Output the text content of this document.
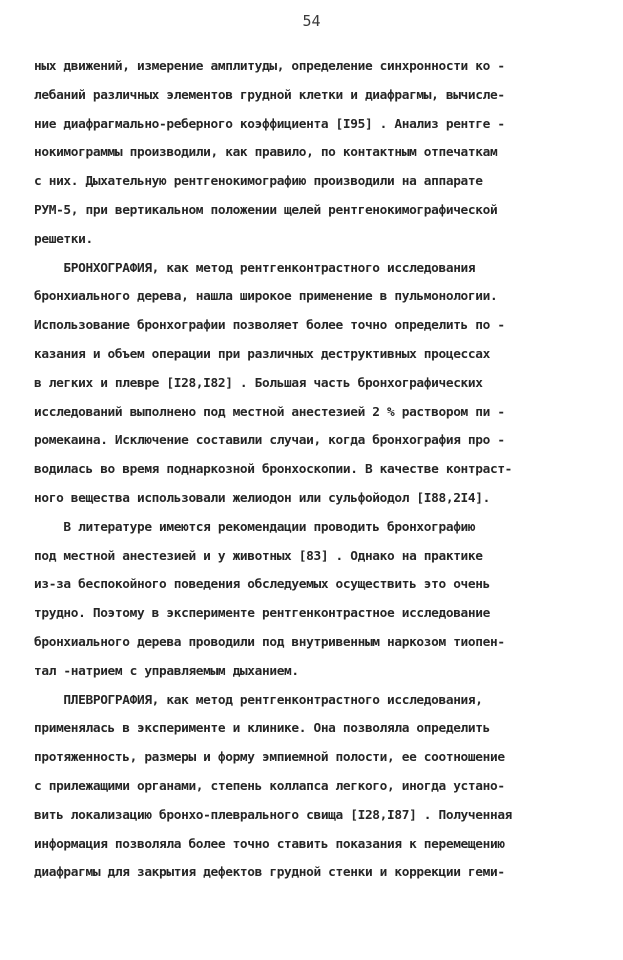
54
ных движений, измерение амплитуды, определение синхронности ко -
лебаний различных элементов грудной клетки и диафрагмы, вычисле-
ние диафрагмально-реберного коэффициента [I95] . Анализ рентге -
нокимограммы производили, как правило, по контактным отпечаткам
с них. Дыхательную рентгенокимографию производили на аппарате
РУМ-5, при вертикальном положении щелей рентгенокимографической
решетки.
БРОНХОГРАФИЯ, как метод рентгенконтрастного исследования
бронхиального дерева, нашла широкое применение в пульмонологии.
Использование бронхографии позволяет более точно определить по -
казания и объем операции при различных деструктивных процессах
в легких и плевре [I28,I82] . Большая часть бронхографических
исследований выполнено под местной анестезией 2 % раствором пи -
ромекаина. Исключение составили случаи, когда бронхография про -
водилась во время поднаркозной бронхоскопии. В качестве контраст-
ного вещества использовали желиодон или сульфойодол [I88,2I4].
В литературе имеются рекомендации проводить бронхографию
под местной анестезией и у животных [83] . Однако на практике
из-за беспокойного поведения обследуемых осуществить это очень
трудно. Поэтому в эксперименте рентгенконтрастное исследование
бронхиального дерева проводили под внутривенным наркозом тиопен-
тал -натрием с управляемым дыханием.
ПЛЕВРОГРАФИЯ, как метод рентгенконтрастного исследования,
применялась в эксперименте и клинике. Она позволяла определить
протяженность, размеры и форму эмпиемной полости, ее соотношение
с прилежащими органами, степень коллапса легкого, иногда устано-
вить локализацию бронхо-плеврального свища [I28,I87] . Полученная
информация позволяла более точно ставить показания к перемещению
диафрагмы для закрытия дефектов грудной стенки и коррекции геми-
